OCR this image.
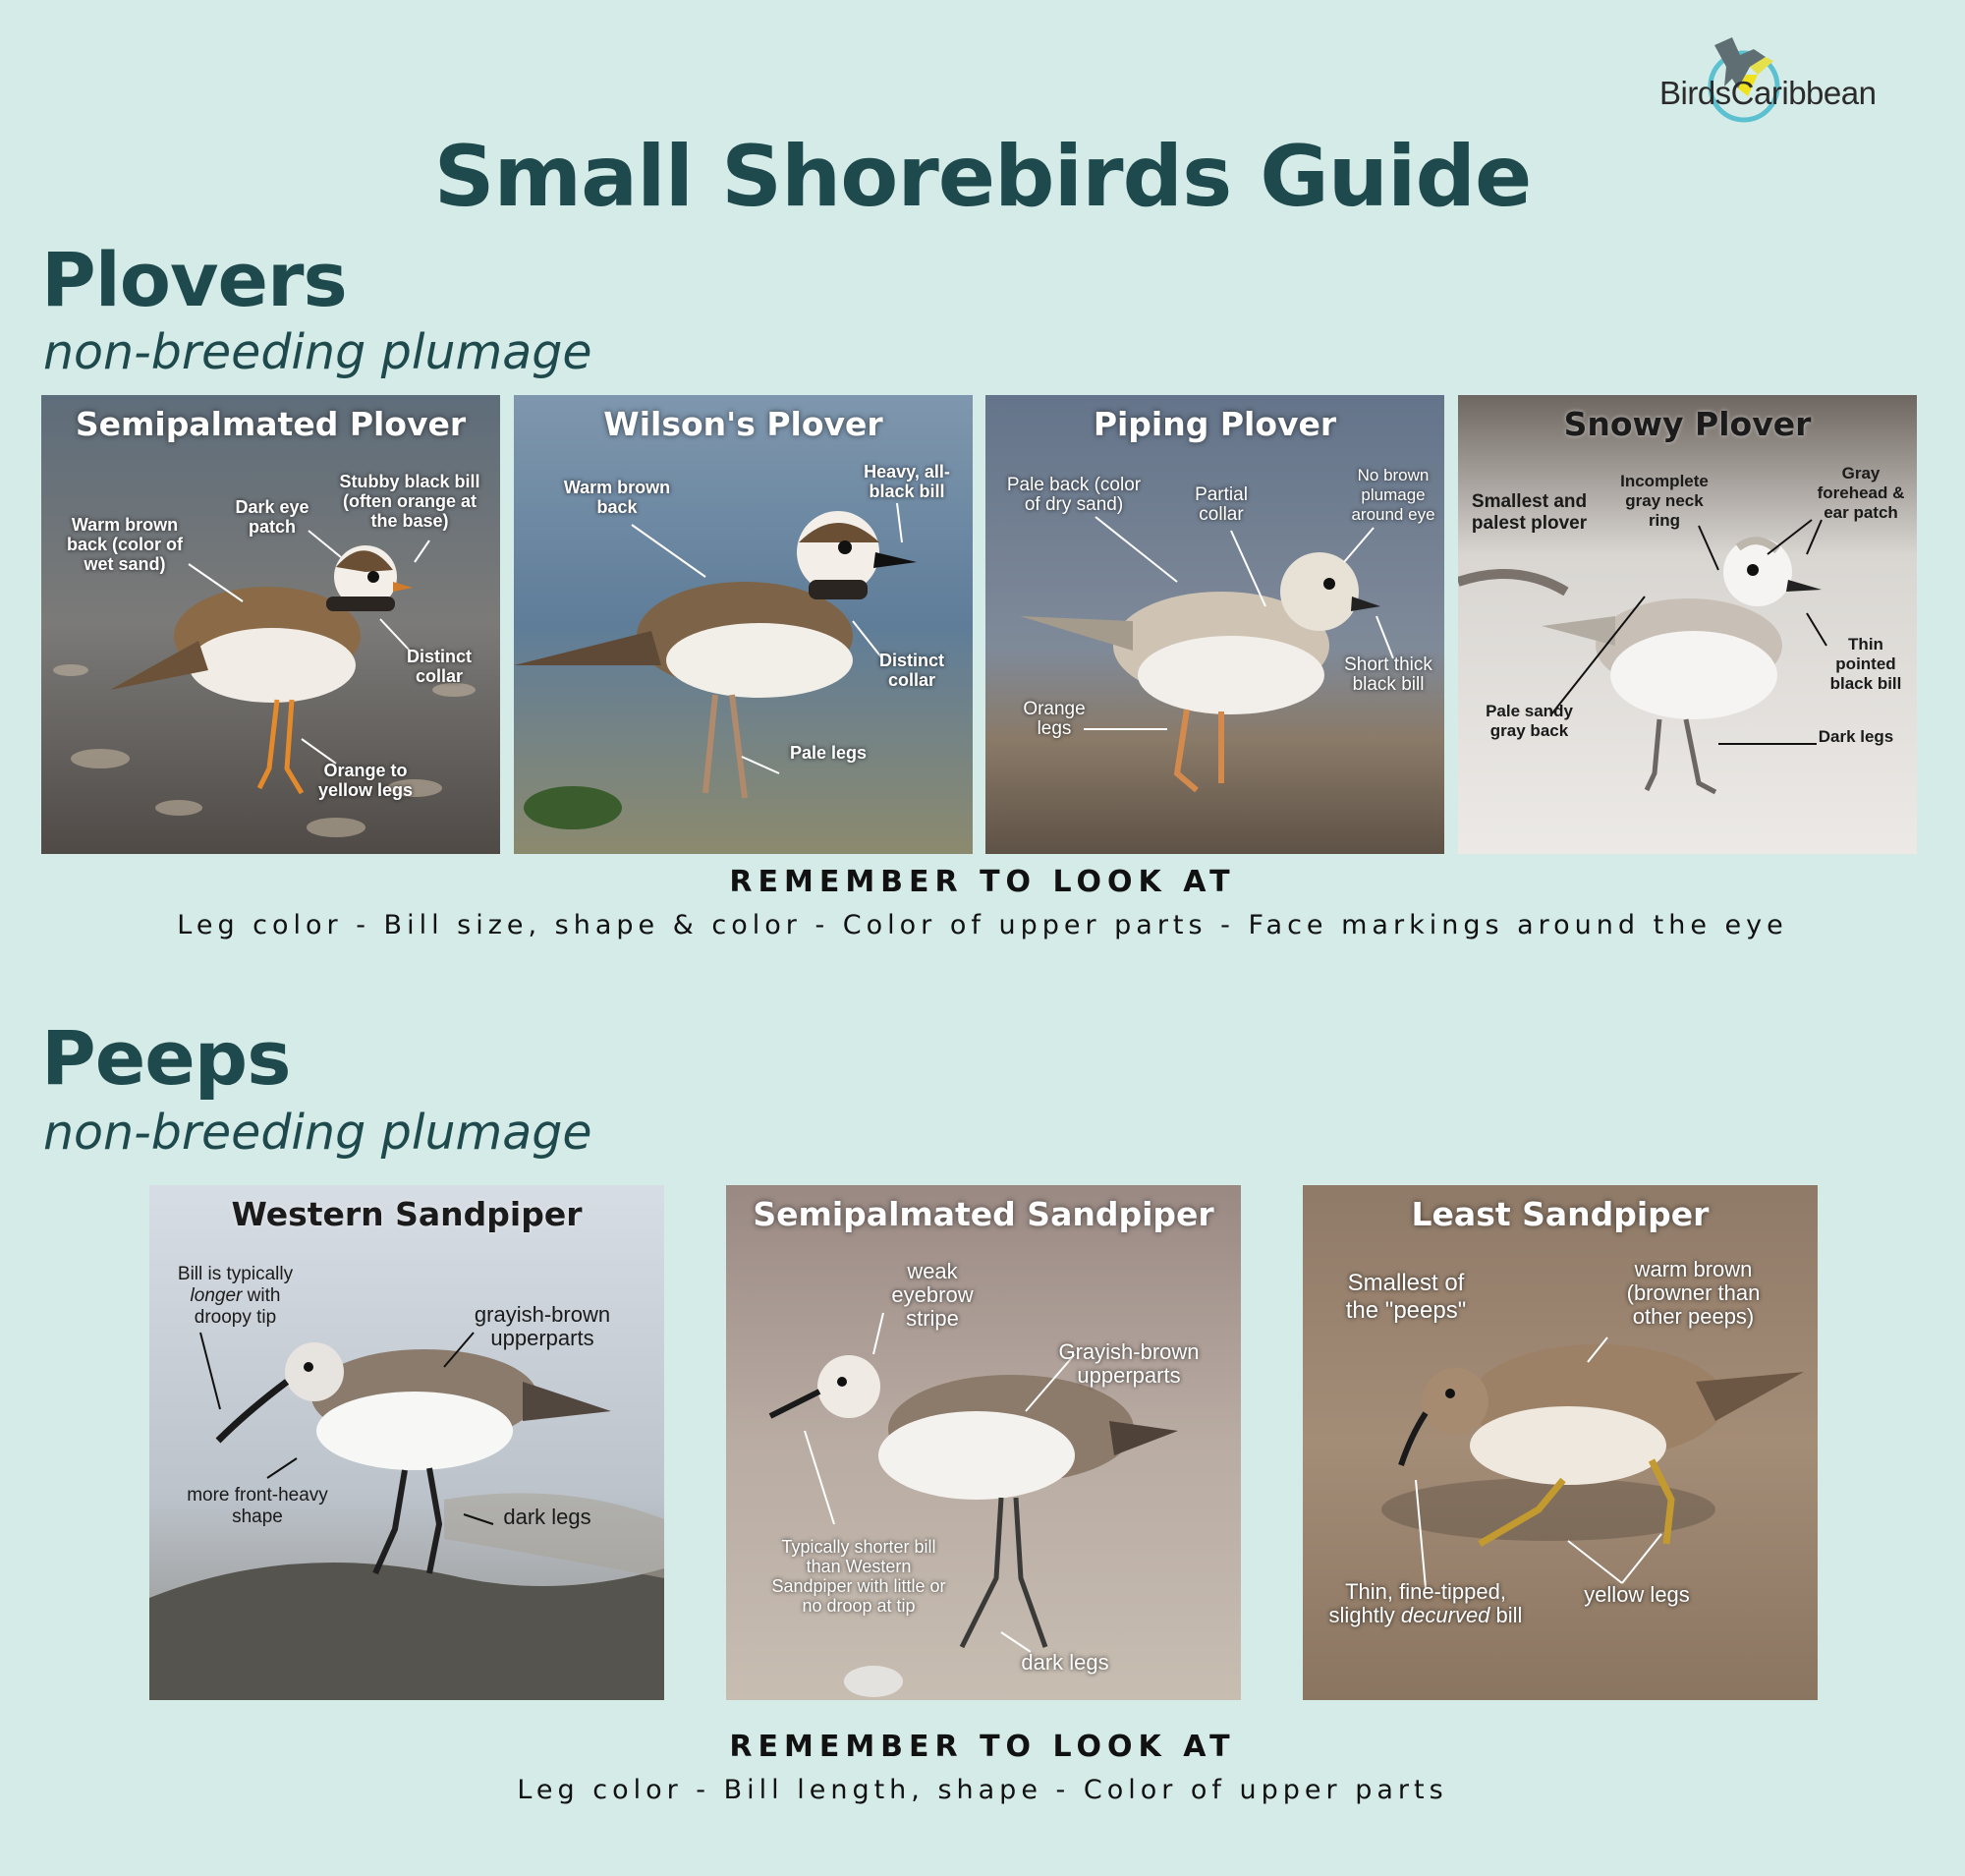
BirdsCaribbean
Small Shorebirds Guide
Plovers
non-breeding plumage
Semipalmated Plover
Stubby black bill (often orange at the base)
Dark eye patch
Warm brown back (color of wet sand)
Distinct collar
Orange to yellow legs
Wilson's Plover
Warm brown back
Heavy, all-black bill
Distinct collar
Pale legs
Piping Plover
Pale back (color of dry sand)	Partial collar
No brown plumage around eye
Orange legs
Short thick black bill
Snowy Plover
Smallest and palest plover
Incomplete gray neck ring
Gray forehead & ear patch
Thin pointed black bill
Pale sandy gray back	Dark legs
REMEMBER TO LOOK AT
Leg color - Bill size, shape & color - Color of upper parts - Face markings around the eye
Peeps
non-breeding plumage
Western Sandpiper
Bill is typically longer with droopy tip	grayish-brown upperparts
more front-heavy shape	dark legs
Semipalmated Sandpiper
weak eyebrow stripe
Grayish-brown upperparts
Typically shorter bill than Western Sandpiper with little or no droop at tip
dark legs
Least Sandpiper
Smallest of the "peeps"
warm brown (browner than other peeps)
Thin, fine-tipped, slightly decurved bill
yellow legs
REMEMBER TO LOOK AT
Leg color - Bill length, shape - Color of upper parts
